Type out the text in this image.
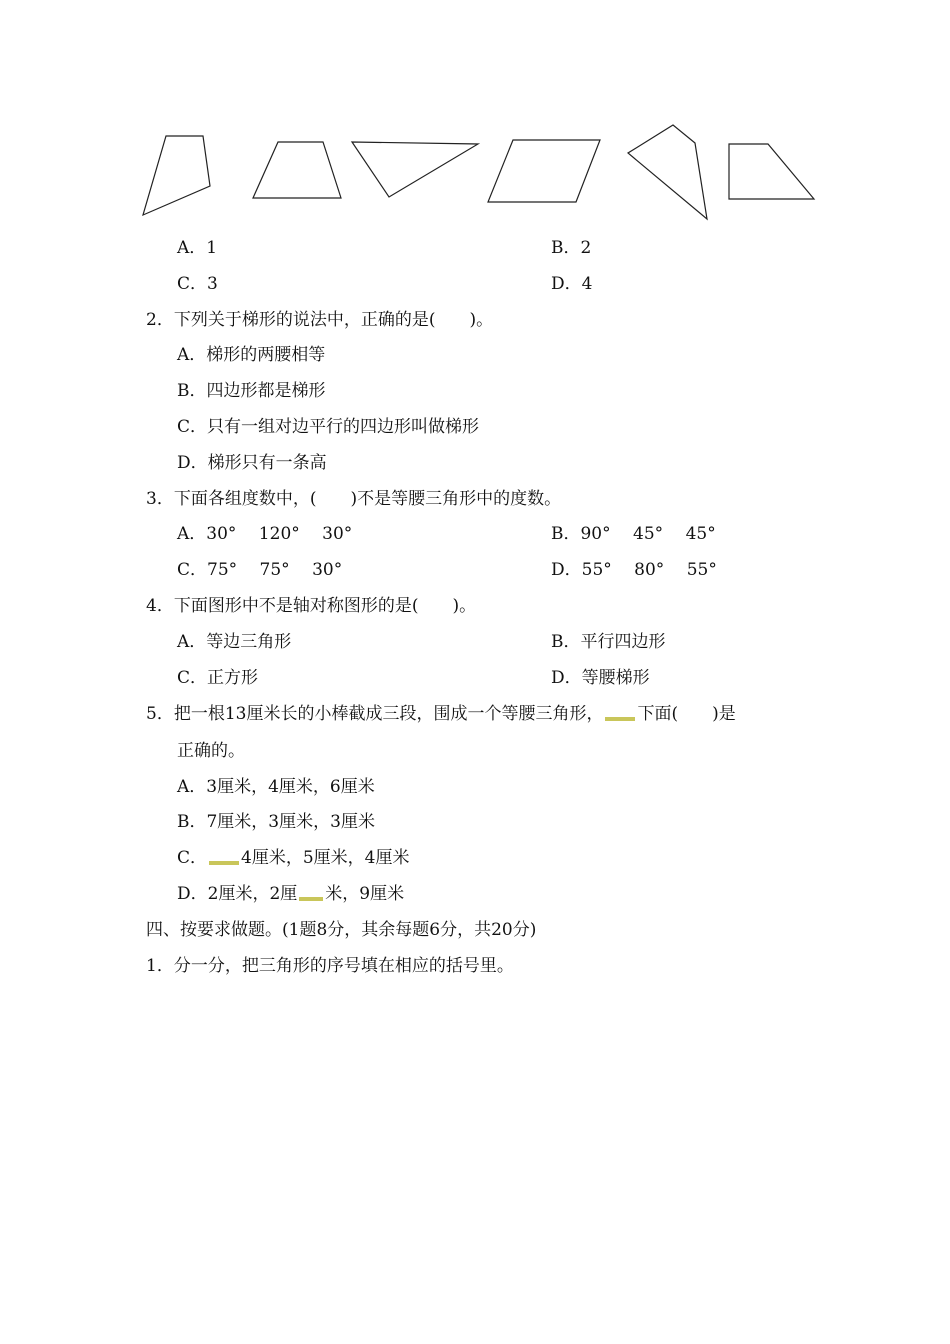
A．1	B．2
C．3	D．4
2．下列关于梯形的说法中，正确的是(　　)。
A．梯形的两腰相等
B．四边形都是梯形
C．只有一组对边平行的四边形叫做梯形
D．梯形只有一条高
3．下面各组度数中，(　　)不是等腰三角形中的度数。
A．30°　 120°　 30°	B．90°　 45°　 45°
C．75°　 75°　 30°	D．55°　 80°　 55°
4．下面图形中不是轴对称图形的是(　　)。
A．等边三角形	B．平行四边形
C．正方形	D．等腰梯形
5．把一根13厘米长的小棒截成三段，围成一个等腰三角形， 下面(　　)是
正确的。
A．3厘米，4厘米，6厘米
B．7厘米，3厘米，3厘米
C． 4厘米，5厘米，4厘米
D．2厘米，2厘 米，9厘米
四、按要求做题。(1题8分，其余每题6分，共20分)
1．分一分，把三角形的序号填在相应的括号里。
